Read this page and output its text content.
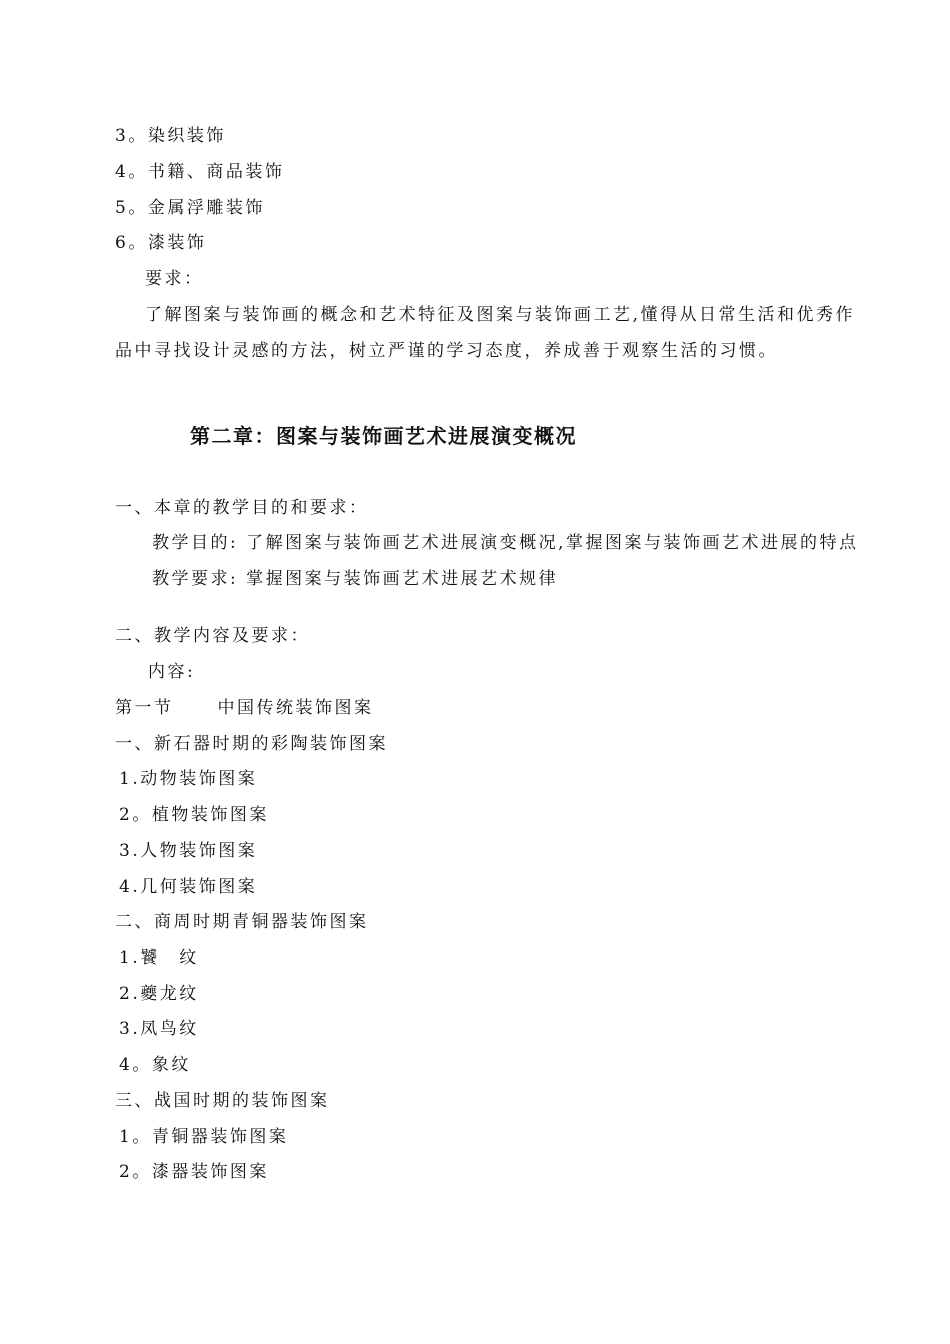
3。染织装饰
4。书籍、商品装饰
5。金属浮雕装饰
6。漆装饰
要求：
了解图案与装饰画的概念和艺术特征及图案与装饰画工艺,懂得从日常生活和优秀作品中寻找设计灵感的方法，树立严谨的学习态度，养成善于观察生活的习惯。
第二章：图案与装饰画艺术进展演变概况
一、本章的教学目的和要求：
教学目的: 了解图案与装饰画艺术进展演变概况,掌握图案与装饰画艺术进展的特点
教学要求: 掌握图案与装饰画艺术进展艺术规律
二、教学内容及要求：
内容:
第一节	中国传统装饰图案
一、新石器时期的彩陶装饰图案
1.动物装饰图案
2。植物装饰图案
3.人物装饰图案
4.几何装饰图案
二、商周时期青铜器装饰图案
1.饕　纹
2.夔龙纹
3.凤鸟纹
4。象纹
三、战国时期的装饰图案
1。青铜器装饰图案
2。漆器装饰图案
